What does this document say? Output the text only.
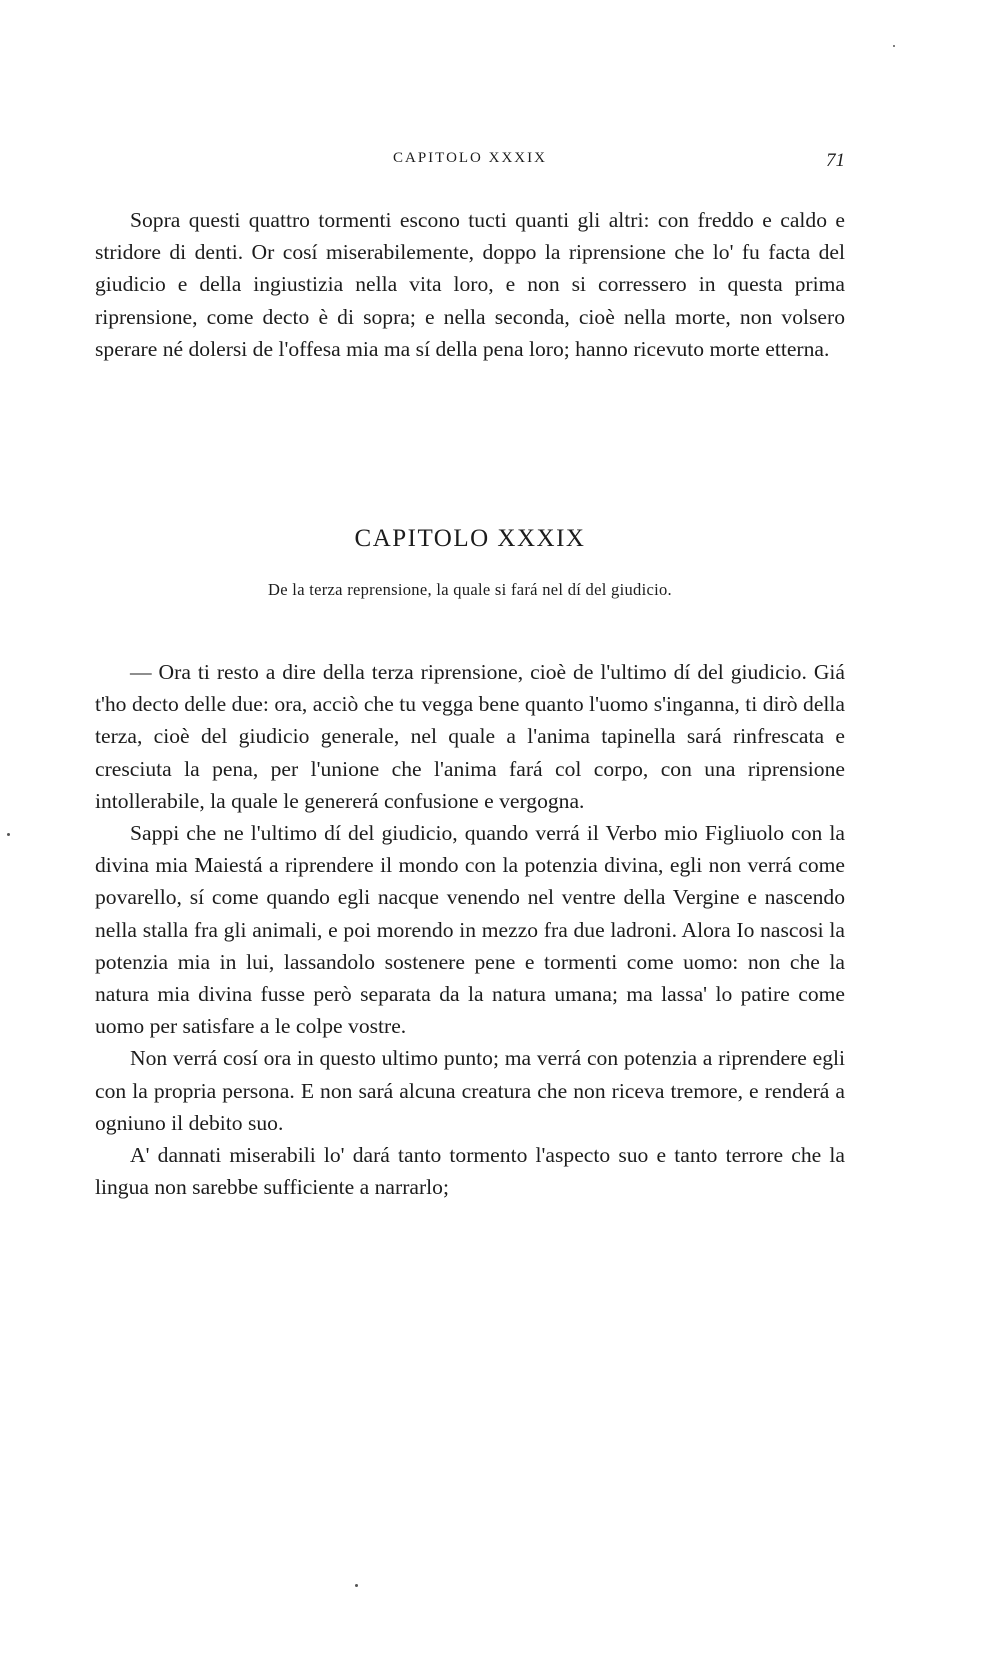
CAPITOLO XXXIX	71

Sopra questi quattro tormenti escono tucti quanti gli altri: con freddo e caldo e stridore di denti. Or cosí miserabilemente, doppo la riprensione che lo' fu facta del giudicio e della ingiustizia nella vita loro, e non si corressero in questa prima riprensione, come decto è di sopra; e nella seconda, cioè nella morte, non volsero sperare né dolersi de l'offesa mia ma sí della pena loro; hanno ricevuto morte etterna.

CAPITOLO XXXIX
De la terza reprensione, la quale si fará nel dí del giudicio.

— Ora ti resto a dire della terza riprensione, cioè de l'ultimo dí del giudicio. Giá t'ho decto delle due: ora, acciò che tu vegga bene quanto l'uomo s'inganna, ti dirò della terza, cioè del giudicio generale, nel quale a l'anima tapinella sará rinfrescata e cresciuta la pena, per l'unione che l'anima fará col corpo, con una riprensione intollerabile, la quale le genererá confusione e vergogna.

Sappi che ne l'ultimo dí del giudicio, quando verrá il Verbo mio Figliuolo con la divina mia Maiestá a riprendere il mondo con la potenzia divina, egli non verrá come povarello, sí come quando egli nacque venendo nel ventre della Vergine e nascendo nella stalla fra gli animali, e poi morendo in mezzo fra due ladroni. Alora Io nascosi la potenzia mia in lui, lassandolo sostenere pene e tormenti come uomo: non che la natura mia divina fusse però separata da la natura umana; ma lassa' lo patire come uomo per satisfare a le colpe vostre.

Non verrá cosí ora in questo ultimo punto; ma verrá con potenzia a riprendere egli con la propria persona. E non sará alcuna creatura che non riceva tremore, e renderá a ogniuno il debito suo.

A' dannati miserabili lo' dará tanto tormento l'aspecto suo e tanto terrore che la lingua non sarebbe sufficiente a narrarlo;
